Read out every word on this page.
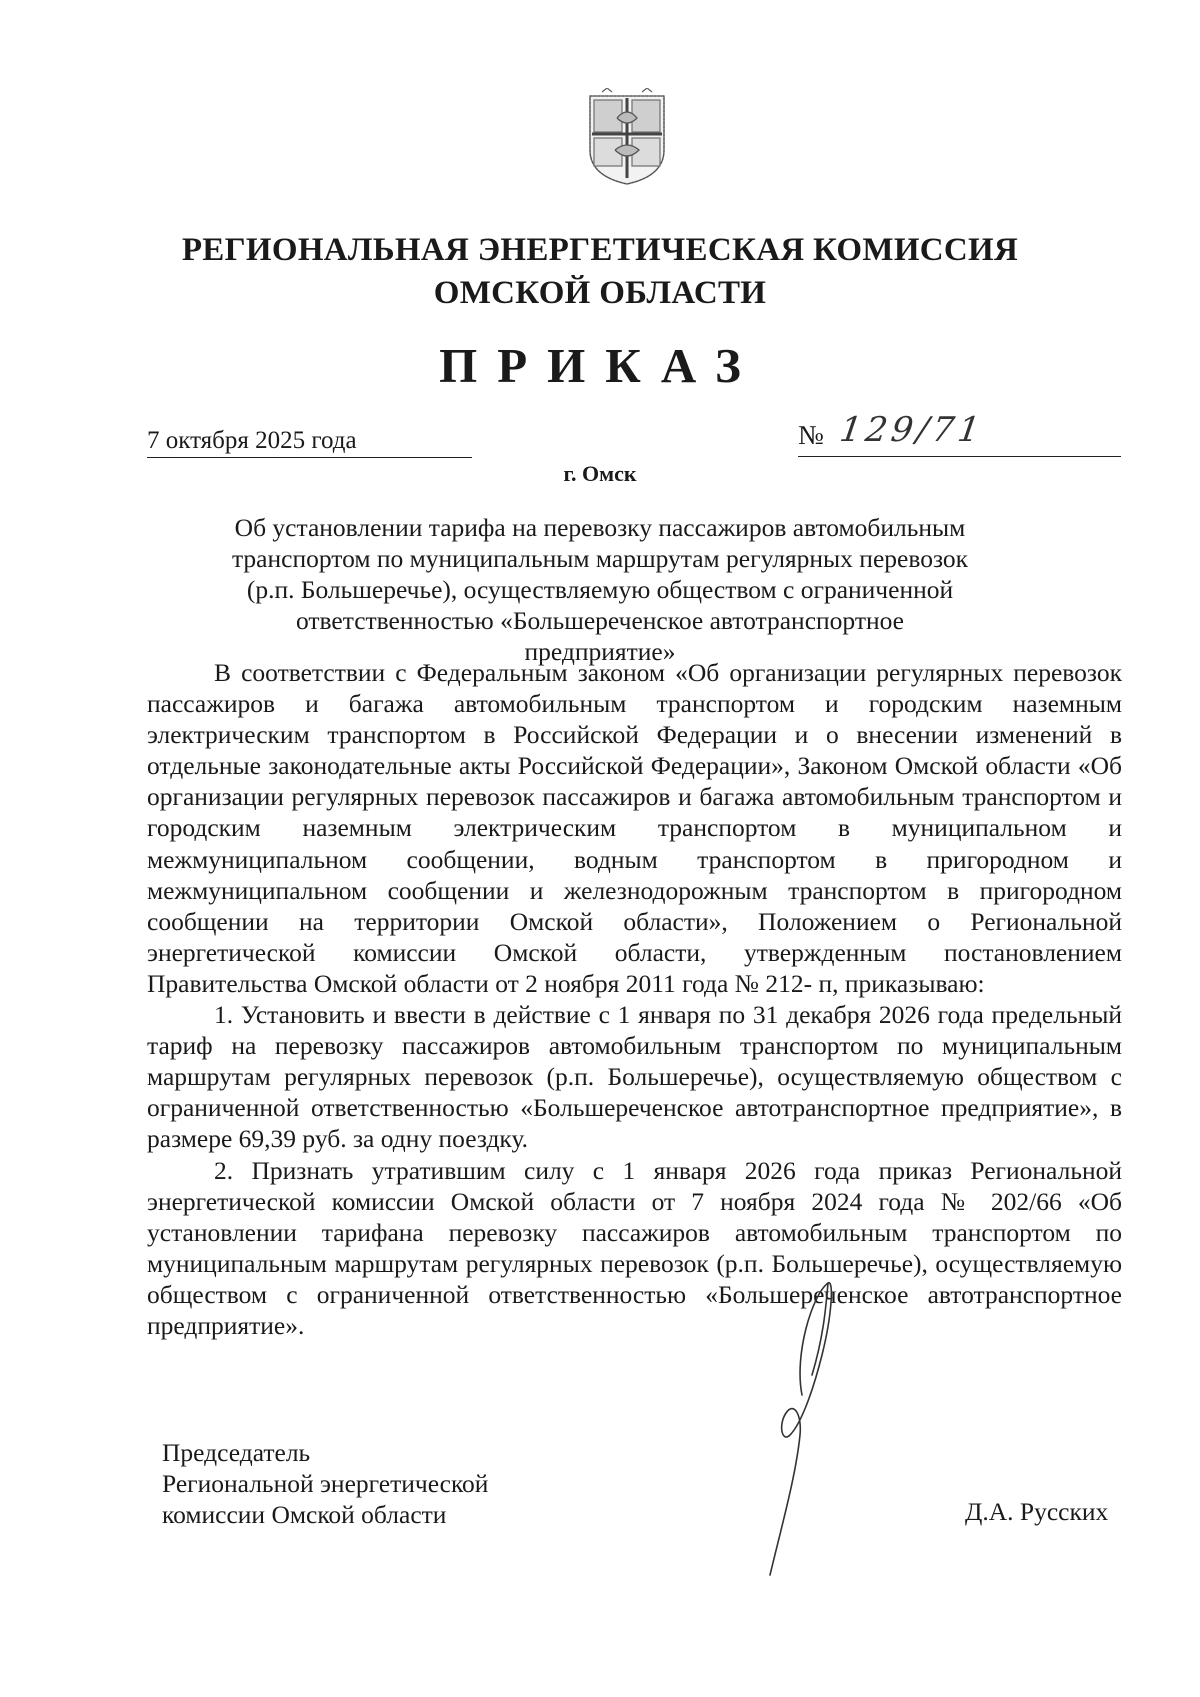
РЕГИОНАЛЬНАЯ ЭНЕРГЕТИЧЕСКАЯ КОМИССИЯ
ОМСКОЙ ОБЛАСТИ
ПРИКАЗ
7 октября 2025 года	№ 129/71
г. Омск
Об установлении тарифа на перевозку пассажиров автомобильным транспортом по муниципальным маршрутам регулярных перевозок (р.п. Большеречье), осуществляемую обществом с ограниченной ответственностью «Большереченское автотранспортное предприятие»

В соответствии с Федеральным законом «Об организации регулярных перевозок пассажиров и багажа автомобильным транспортом и городским наземным электрическим транспортом в Российской Федерации и о внесении изменений в отдельные законодательные акты Российской Федерации», Законом Омской области «Об организации регулярных перевозок пассажиров и багажа автомобильным транспортом и городским наземным электрическим транспортом в муниципальном и межмуниципальном сообщении, водным транспортом в пригородном и межмуниципальном сообщении и железнодорожным транспортом в пригородном сообщении на территории Омской области», Положением о Региональной энергетической комиссии Омской области, утвержденным постановлением Правительства Омской области от 2 ноября 2011 года № 212- п, приказываю:

1. Установить и ввести в действие с 1 января по 31 декабря 2026 года предельный тариф на перевозку пассажиров автомобильным транспортом по муниципальным маршрутам регулярных перевозок (р.п. Большеречье), осуществляемую обществом с ограниченной ответственностью «Большереченское автотранспортное предприятие», в размере 69,39 руб. за одну поездку.

2. Признать утратившим силу с 1 января 2026 года приказ Региональной энергетической комиссии Омской области от 7 ноября 2024 года № 202/66 «Об установлении тарифана перевозку пассажиров автомобильным транспортом по муниципальным маршрутам регулярных перевозок (р.п. Большеречье), осуществляемую обществом с ограниченной ответственностью «Большереченское автотранспортное предприятие».

Председатель
Региональной энергетической
комиссии Омской области	Д.А. Русских
